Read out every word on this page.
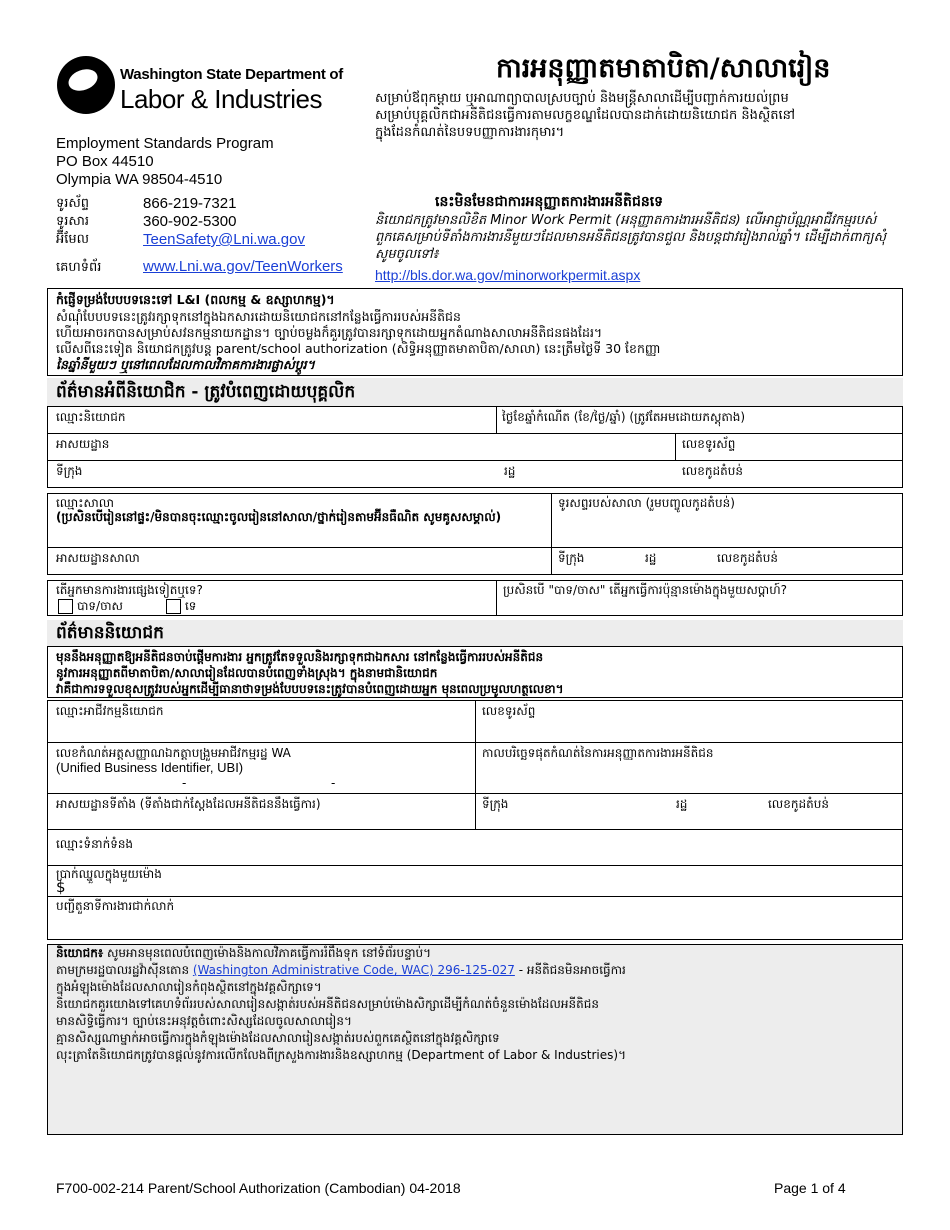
Washington State Department of
Labor & Industries
ការអនុញ្ញាតមាតាបិតា/សាលារៀន
សម្រាប់ឪពុកម្ដាយ ឬអាណាព្យាបាលស្របច្បាប់ និងមន្ត្រីសាលាដើម្បីបញ្ជាក់ការយល់ព្រមសម្រាប់បុគ្គលិកជាអនីតិជនធ្វើការតាមលក្ខខណ្ឌដែលបានដាក់ដោយនិយោជក និងស្ថិតនៅក្នុងដែនកំណត់នៃបទបញ្ញាការងារកុមារ។
Employment Standards Program
PO Box 44510
Olympia WA 98504-4510
ទូរស័ព្ទ	866-219-7321
ទូរសារ	360-902-5300
អ៊ីមែល	TeenSafety@Lni.wa.gov
គេហទំព័រ	www.Lni.wa.gov/TeenWorkers
នេះមិនមែនជាការអនុញ្ញាតការងារអនីតិជនទេ
និយោជកត្រូវមានលិខិត Minor Work Permit (អនុញ្ញាតការងារអនីតិជន) លើអាជ្ញាប័ណ្ណអាជីវកម្មរបស់ពួកគេសម្រាប់ទីតាំងការងារនីមួយៗដែលមានអនីតិជនត្រូវបានជួល និងបន្តជាវរៀងរាល់ឆ្នាំ។ ដើម្បីដាក់ពាក្យសុំ សូមចូលទៅ៖
http://bls.dor.wa.gov/minorworkpermit.aspx
កំផ្ញើទម្រង់បែបបទនេះទៅ L&I (ពលកម្ម & ឧស្សាហកម្ម)។
សំណុំបែបបទនេះត្រូវរក្សាទុកនៅក្នុងឯកសារដោយនិយោជកនៅកន្លែងធ្វើការរបស់អនីតិជន
ហើយអាចរកបានសម្រាប់សវនកម្មនាយកដ្ឋាន។ ច្បាប់ចម្លងក៏គួរត្រូវបានរក្សាទុកដោយអ្នកតំណាងសាលាអនីតិជនផងដែរ។
លើសពីនេះទៀត និយោជកត្រូវបន្ត parent/school authorization (សិទ្ធិអនុញ្ញាតមាតាបិតា/សាលា) នេះត្រឹមថ្ងៃទី 30 ខែកញ្ញា
នៃឆ្នាំនីមួយៗ ឬនៅពេលដែលកាលវិភាគការងារផ្លាស់ប្ដូរ។
ព័ត៌មានអំពីនិយោជិក - ត្រូវបំពេញដោយបុគ្គលិក
ឈ្មោះនិយោជក	ថ្ងៃខែឆ្នាំកំណើត (ខែ/ថ្ងៃ/ឆ្នាំ) (ត្រូវតែអមដោយភស្តុតាង)
អាសយដ្ឋាន	លេខទូរស័ព្ទ
ទីក្រុង	រដ្ឋ	លេខកូដតំបន់
ឈ្មោះសាលា
(ប្រសិនបើរៀននៅផ្ទះ/មិនបានចុះឈ្មោះចូលរៀននៅសាលា/ថ្នាក់រៀនតាមអ៊ីនធឺណិត សូមគូសសម្គាល់)
ទូរសព្ទរបស់សាលា (រួមបញ្ចូលកូដតំបន់)
អាសយដ្ឋានសាលា	ទីក្រុង	រដ្ឋ	លេខកូដតំបន់
តើអ្នកមានការងារផ្សេងទៀតឬទេ?
បាទ/ចាស	ទេ
ប្រសិនបើ "បាទ/ចាស" តើអ្នកធ្វើការប៉ុន្មានម៉ោងក្នុងមួយសប្ដាហ៍?
ព័ត៌មាននិយោជក
មុននឹងអនុញ្ញាតឱ្យអនីតិជនចាប់ផ្ដើមការងារ អ្នកត្រូវតែទទួលនិងរក្សាទុកជាឯកសារ នៅកន្លែងធ្វើការរបស់អនីតិជន
នូវការអនុញ្ញាតពីមាតាបិតា/សាលារៀនដែលបានបំពេញទាំងស្រុង។ ក្នុងនាមជានិយោជក
វាគឺជាការទទួលខុសត្រូវរបស់អ្នកដើម្បីធានាថាទម្រង់បែបបទនេះត្រូវបានបំពេញដោយអ្នក មុនពេលប្រមូលហត្ថលេខា។
ឈ្មោះអាជីវកម្មនិយោជក	លេខទូរស័ព្ទ
លេខកំណត់អត្តសញ្ញាណឯកត្តាបង្រួមអាជីវកម្មរដ្ឋ WA
(Unified Business Identifier, UBI)
-	-
កាលបរិច្ឆេទផុតកំណត់នៃការអនុញ្ញាតការងារអនីតិជន
អាសយដ្ឋានទីតាំង (ទីតាំងជាក់ស្ដែងដែលអនីតិជននឹងធ្វើការ)	ទីក្រុង	រដ្ឋ	លេខកូដតំបន់
ឈ្មោះទំនាក់ទំនង
ប្រាក់ឈ្នួលក្នុងមួយម៉ោង
$
បញ្ជីតួនាទីការងារជាក់លាក់
និយោជក៖ សូមអានមុនពេលបំពេញម៉ោងនិងកាលវិភាគធ្វើការរំពឹងទុក នៅទំព័របន្ទាប់។
តាមក្រមរដ្ឋបាលរដ្ឋវ៉ាស៊ីនតោន (Washington Administrative Code, WAC) 296-125-027 - អនីតិជនមិនអាចធ្វើការ
ក្នុងអំឡុងម៉ោងដែលសាលារៀនកំពុងស្ថិតនៅក្នុងវគ្គសិក្សាទេ។
និយោជកគួរយោងទៅគេហទំព័ររបស់សាលារៀនសង្កាត់របស់អនីតិជនសម្រាប់ម៉ោងសិក្សាដើម្បីកំណត់ចំនួនម៉ោងដែលអនីតិជន
មានសិទ្ធិធ្វើការ។ ច្បាប់នេះអនុវត្តចំពោះសិស្សដែលចូលសាលារៀន។
គ្មានសិស្សណាម្នាក់អាចធ្វើការក្នុងកំឡុងម៉ោងដែលសាលារៀនសង្កាត់របស់ពួកគេស្ថិតនៅក្នុងវគ្គសិក្សាទេ
លុះត្រាតែនិយោជកត្រូវបានផ្ដល់នូវការលើកលែងពីក្រសួងការងារនិងឧស្សាហកម្ម (Department of Labor & Industries)។
F700-002-214 Parent/School Authorization (Cambodian) 04-2018	Page 1 of 4
